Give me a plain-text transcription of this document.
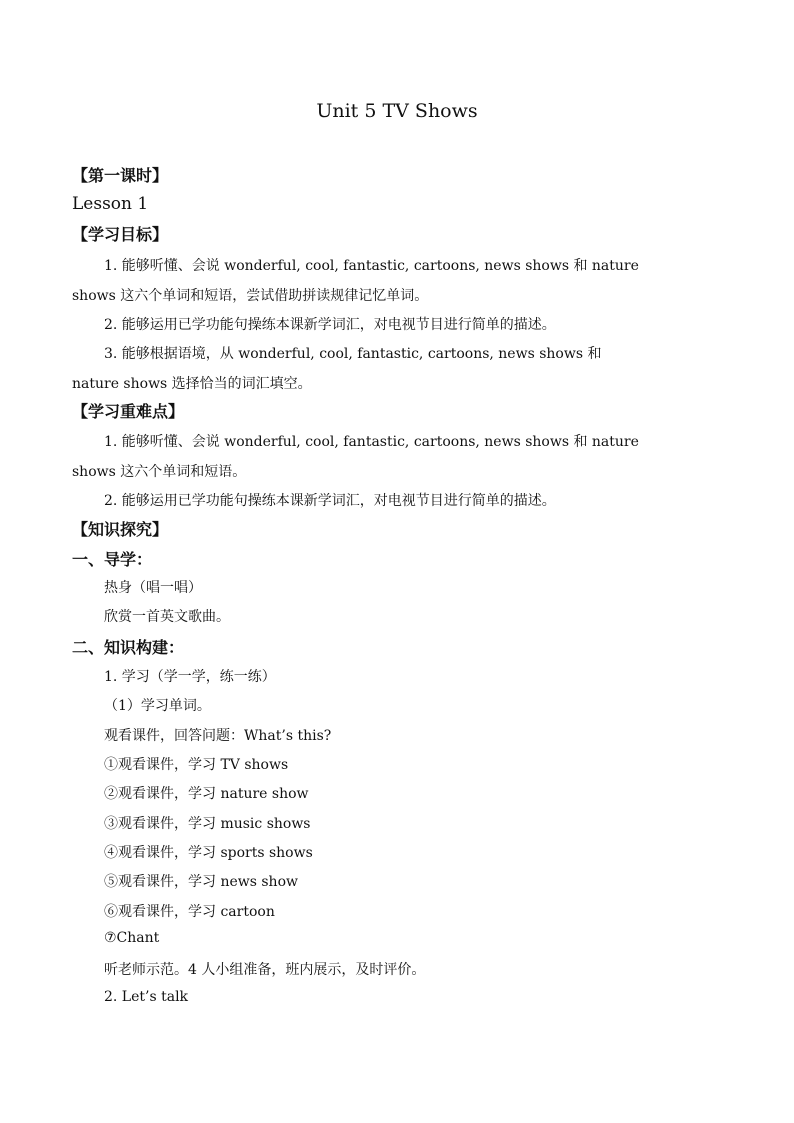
Unit 5 TV Shows
【第一课时】
Lesson 1
【学习目标】
1. 能够听懂、会说 wonderful, cool, fantastic, cartoons, news shows 和 nature
shows 这六个单词和短语，尝试借助拼读规律记忆单词。
2. 能够运用已学功能句操练本课新学词汇，对电视节目进行简单的描述。
3. 能够根据语境，从 wonderful, cool, fantastic, cartoons, news shows 和
nature shows 选择恰当的词汇填空。
【学习重难点】
1. 能够听懂、会说 wonderful, cool, fantastic, cartoons, news shows 和 nature
shows 这六个单词和短语。
2. 能够运用已学功能句操练本课新学词汇，对电视节目进行简单的描述。
【知识探究】
一、导学：
热身（唱一唱）
欣赏一首英文歌曲。
二、知识构建：
1. 学习（学一学，练一练）
（1）学习单词。
观看课件，回答问题：What’s this?
①观看课件，学习 TV shows
②观看课件，学习 nature show
③观看课件，学习 music shows
④观看课件，学习 sports shows
⑤观看课件，学习 news show
⑥观看课件，学习 cartoon
⑦Chant
听老师示范。4 人小组准备，班内展示，及时评价。
2. Let’s talk
